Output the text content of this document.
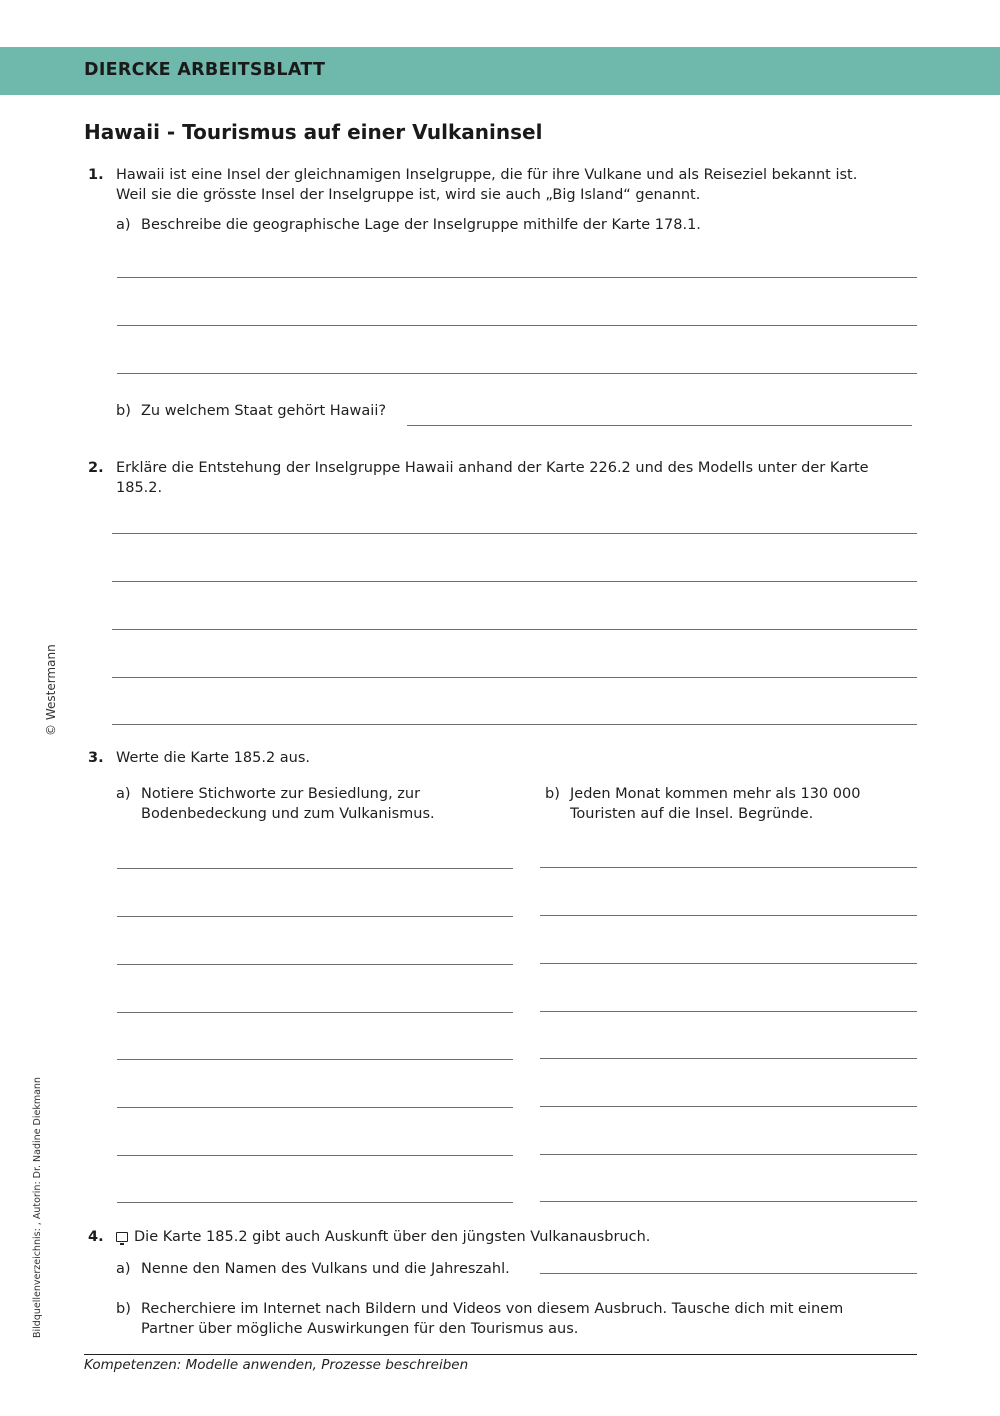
DIERCKE ARBEITSBLATT
Hawaii - Tourismus auf einer Vulkaninsel
© Westermann
Bildquellenverzeichnis: , Autorin: Dr. Nadine Diekmann
1. Hawaii ist eine Insel der gleichnamigen Inselgruppe, die für ihre Vulkane und als Reiseziel bekannt ist.
Weil sie die grösste Insel der Inselgruppe ist, wird sie auch „Big Island“ genannt.
a) Beschreibe die geographische Lage der Inselgruppe mithilfe der Karte 178.1.
b) Zu welchem Staat gehört Hawaii?
2. Erkläre die Entstehung der Inselgruppe Hawaii anhand der Karte 226.2 und des Modells unter der Karte
185.2.
3. Werte die Karte 185.2 aus.
a) Notiere Stichworte zur Besiedlung, zur
Bodenbedeckung und zum Vulkanismus.
b) Jeden Monat kommen mehr als 130 000
Touristen auf die Insel. Begründe.
4.	Die Karte 185.2 gibt auch Auskunft über den jüngsten Vulkanausbruch.
a) Nenne den Namen des Vulkans und die Jahreszahl.
b) Recherchiere im Internet nach Bildern und Videos von diesem Ausbruch. Tausche dich mit einem
Partner über mögliche Auswirkungen für den Tourismus aus.
Kompetenzen: Modelle anwenden, Prozesse beschreiben
